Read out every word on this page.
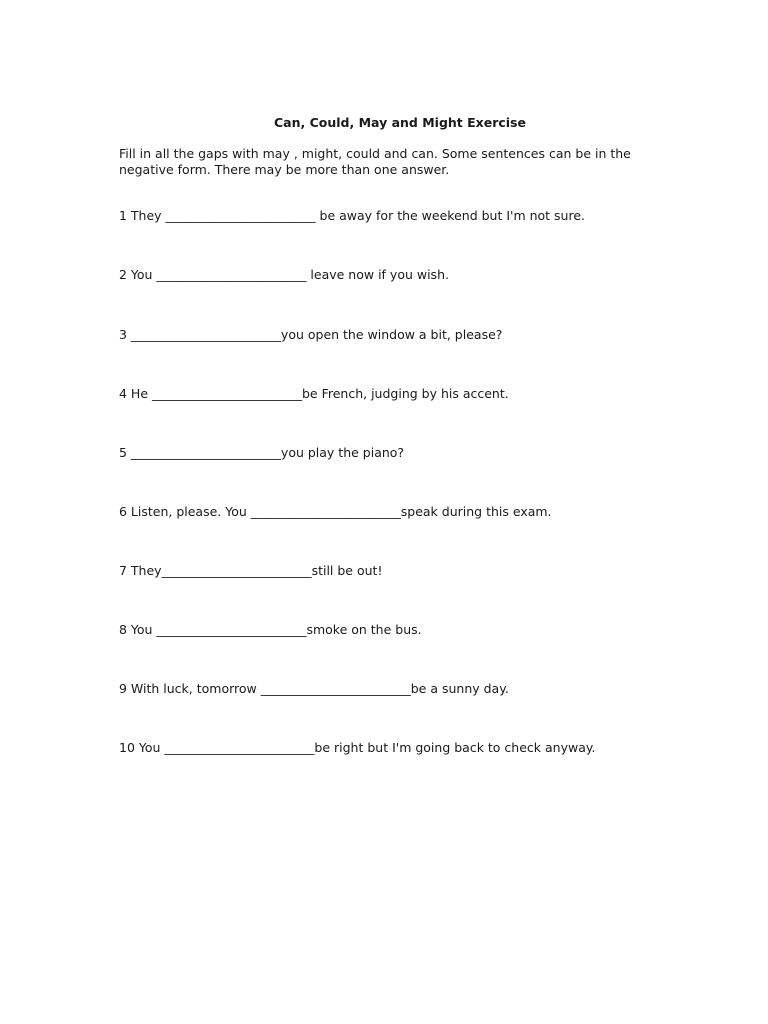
Can, Could, May and Might Exercise

Fill in all the gaps with may , might, could and can. Some sentences can be in the negative form. There may be more than one answer.

1 They ________________________ be away for the weekend but I'm not sure.

2 You ________________________ leave now if you wish.

3 ________________________you open the window a bit, please?

4 He ________________________be French, judging by his accent.

5 ________________________you play the piano?

6 Listen, please. You ________________________speak during this exam.

7 They________________________still be out!

8 You ________________________smoke on the bus.

9 With luck, tomorrow ________________________be a sunny day.

10 You ________________________be right but I'm going back to check anyway.
